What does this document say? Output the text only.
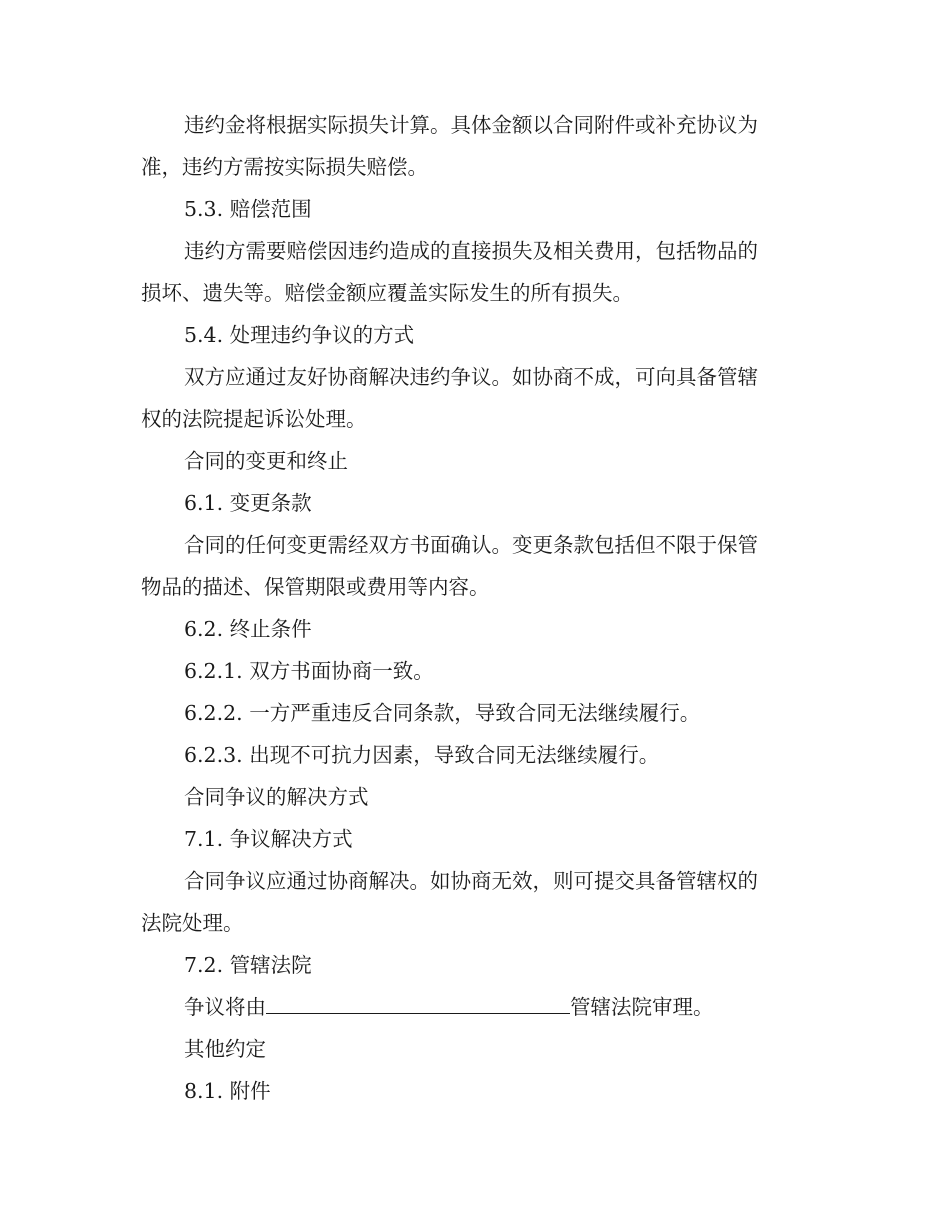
违约金将根据实际损失计算。具体金额以合同附件或补充协议为

准，违约方需按实际损失赔偿。

5.3. 赔偿范围

违约方需要赔偿因违约造成的直接损失及相关费用，包括物品的

损坏、遗失等。赔偿金额应覆盖实际发生的所有损失。

5.4. 处理违约争议的方式

双方应通过友好协商解决违约争议。如协商不成，可向具备管辖

权的法院提起诉讼处理。

合同的变更和终止

6.1. 变更条款

合同的任何变更需经双方书面确认。变更条款包括但不限于保管

物品的描述、保管期限或费用等内容。

6.2. 终止条件

6.2.1. 双方书面协商一致。

6.2.2. 一方严重违反合同条款，导致合同无法继续履行。

6.2.3. 出现不可抗力因素，导致合同无法继续履行。

合同争议的解决方式

7.1. 争议解决方式

合同争议应通过协商解决。如协商无效，则可提交具备管辖权的

法院处理。

7.2. 管辖法院

争议将由	管辖法院审理。

其他约定

8.1. 附件
